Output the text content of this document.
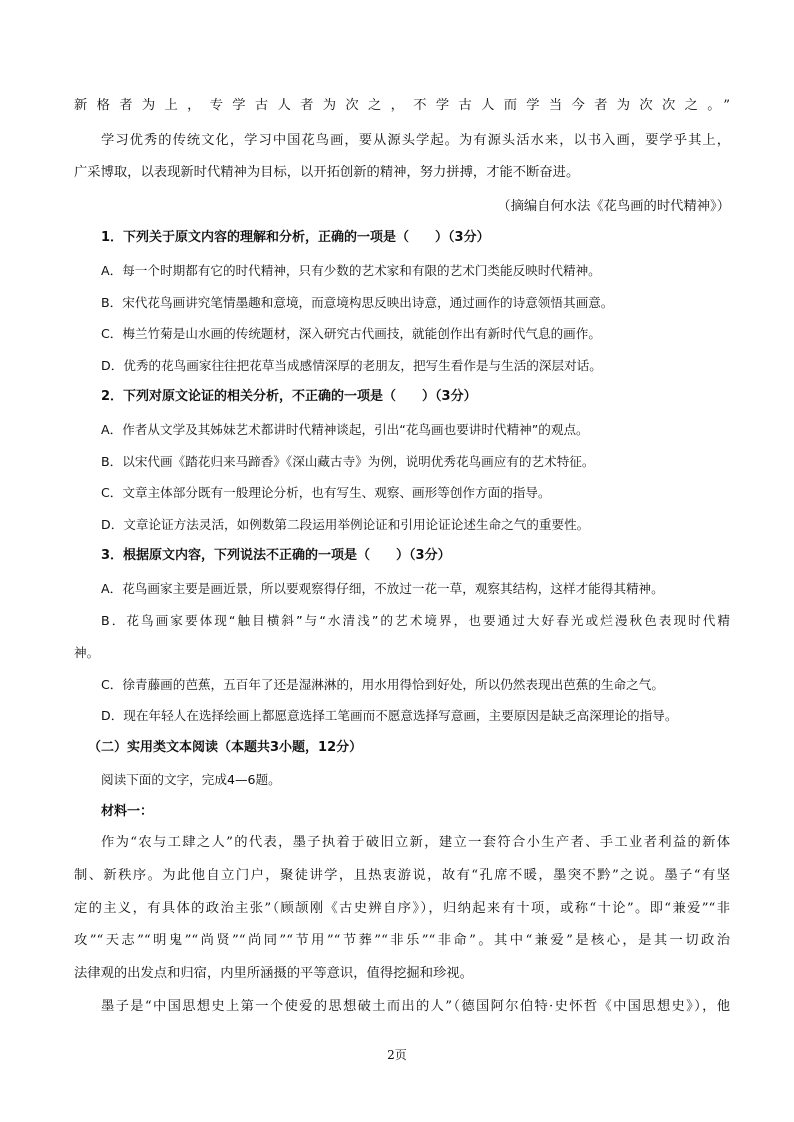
新格者为上，专学古人者为次之，不学古人而学当今者为次次之。”
学习优秀的传统文化，学习中国花鸟画，要从源头学起。为有源头活水来，以书入画，要学乎其上，
广采博取，以表现新时代精神为目标，以开拓创新的精神，努力拼搏，才能不断奋进。
（摘编自何水法《花鸟画的时代精神》）
1．下列关于原文内容的理解和分析，正确的一项是（　　）（3分）
A．每一个时期都有它的时代精神，只有少数的艺术家和有限的艺术门类能反映时代精神。
B．宋代花鸟画讲究笔情墨趣和意境，而意境构思反映出诗意，通过画作的诗意领悟其画意。
C．梅兰竹菊是山水画的传统题材，深入研究古代画技，就能创作出有新时代气息的画作。
D．优秀的花鸟画家往往把花草当成感情深厚的老朋友，把写生看作是与生活的深层对话。
2．下列对原文论证的相关分析，不正确的一项是（　　）（3分）
A．作者从文学及其姊妹艺术都讲时代精神谈起，引出“花鸟画也要讲时代精神”的观点。
B．以宋代画《踏花归来马蹄香》《深山藏古寺》为例，说明优秀花鸟画应有的艺术特征。
C．文章主体部分既有一般理论分析，也有写生、观察、画形等创作方面的指导。
D．文章论证方法灵活，如例数第二段运用举例论证和引用论证论述生命之气的重要性。
3．根据原文内容，下列说法不正确的一项是（　　）（3分）
A．花鸟画家主要是画近景，所以要观察得仔细，不放过一花一草，观察其结构，这样才能得其精神。
B．花鸟画家要体现“触目横斜”与“水清浅”的艺术境界，也要通过大好春光或烂漫秋色表现时代精
神。
C．徐青藤画的芭蕉，五百年了还是湿淋淋的，用水用得恰到好处，所以仍然表现出芭蕉的生命之气。
D．现在年轻人在选择绘画上都愿意选择工笔画而不愿意选择写意画，主要原因是缺乏高深理论的指导。
（二）实用类文本阅读（本题共3小题，12分）
阅读下面的文字，完成4—6题。
材料一：
作为“农与工肆之人”的代表，墨子执着于破旧立新，建立一套符合小生产者、手工业者利益的新体
制、新秩序。为此他自立门户，聚徒讲学，且热衷游说，故有“孔席不暖，墨突不黔”之说。墨子“有坚
定的主义，有具体的政治主张”（顾颉刚《古史辨自序》），归纳起来有十项，或称“十论”。即“兼爱”“非
攻”“天志”“明鬼”“尚贤”“尚同”“节用”“节葬”“非乐”“非命”。其中“兼爱”是核心，是其一切政治
法律观的出发点和归宿，内里所涵摄的平等意识，值得挖掘和珍视。
墨子是“中国思想史上第一个使爱的思想破土而出的人”（德国阿尔伯特·史怀哲《中国思想史》），他
2页
